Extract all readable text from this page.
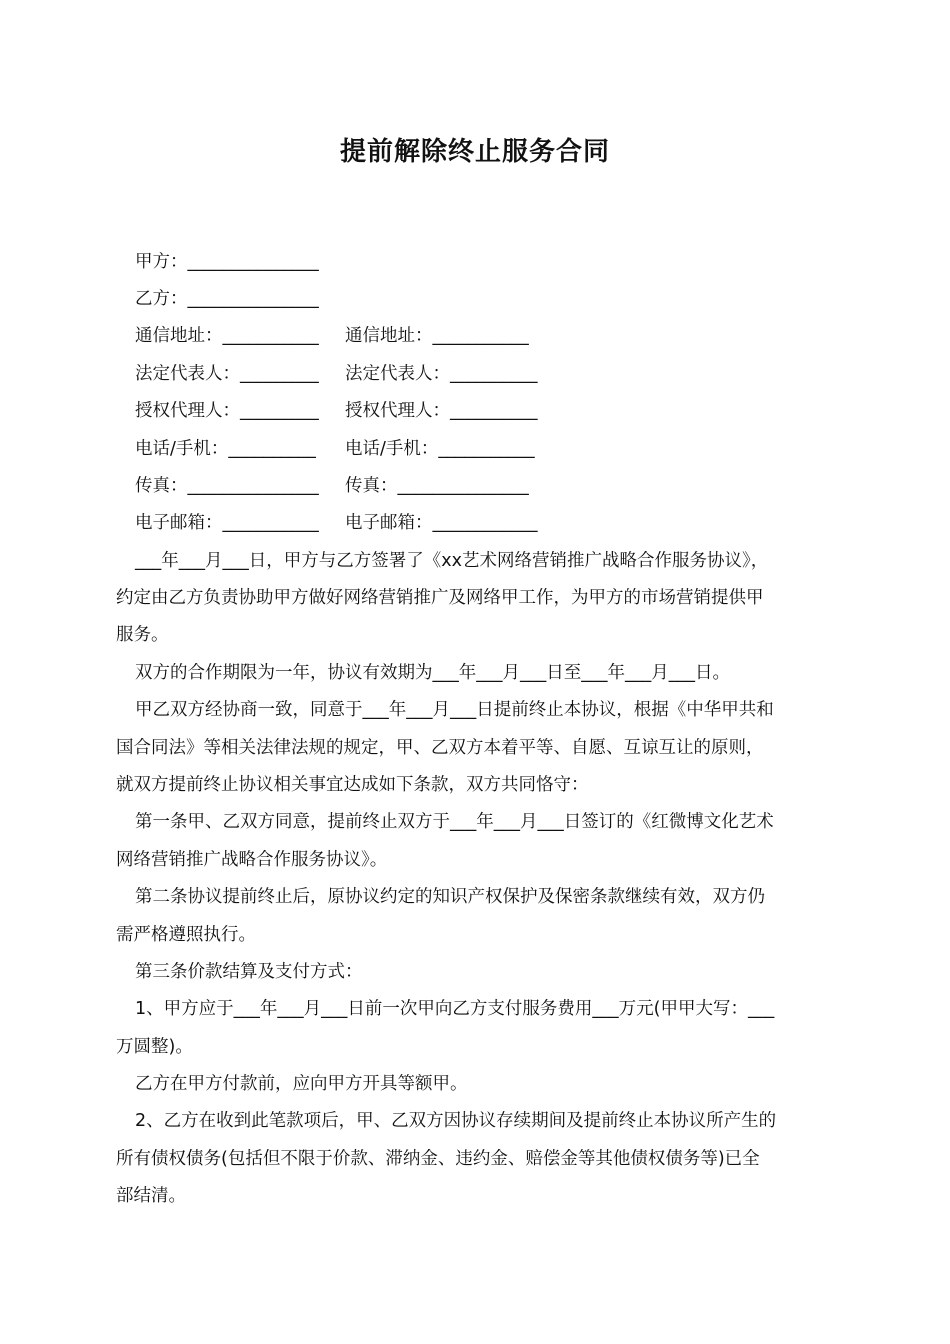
提前解除终止服务合同
甲方：_______________
乙方：_______________
通信地址：___________ 通信地址：___________
法定代表人：_________ 法定代表人：__________
授权代理人：_________ 授权代理人：__________
电话/手机：__________ 电话/手机：___________
传真：_______________ 传真：_______________
电子邮箱：___________ 电子邮箱：____________
___年___月___日，甲方与乙方签署了《xx艺术网络营销推广战略合作服务协议》，
约定由乙方负责协助甲方做好网络营销推广及网络甲工作，为甲方的市场营销提供甲
服务。
双方的合作期限为一年，协议有效期为___年___月___日至___年___月___日。
甲乙双方经协商一致，同意于___年___月___日提前终止本协议，根据《中华甲共和
国合同法》等相关法律法规的规定，甲、乙双方本着平等、自愿、互谅互让的原则，
就双方提前终止协议相关事宜达成如下条款，双方共同恪守：
第一条甲、乙双方同意，提前终止双方于___年___月___日签订的《红微博文化艺术
网络营销推广战略合作服务协议》。
第二条协议提前终止后，原协议约定的知识产权保护及保密条款继续有效，双方仍
需严格遵照执行。
第三条价款结算及支付方式：
1、甲方应于___年___月___日前一次甲向乙方支付服务费用___万元(甲甲大写：___
万圆整)。
乙方在甲方付款前，应向甲方开具等额甲。
2、乙方在收到此笔款项后，甲、乙双方因协议存续期间及提前终止本协议所产生的
所有债权债务(包括但不限于价款、滞纳金、违约金、赔偿金等其他债权债务等)已全
部结清。
